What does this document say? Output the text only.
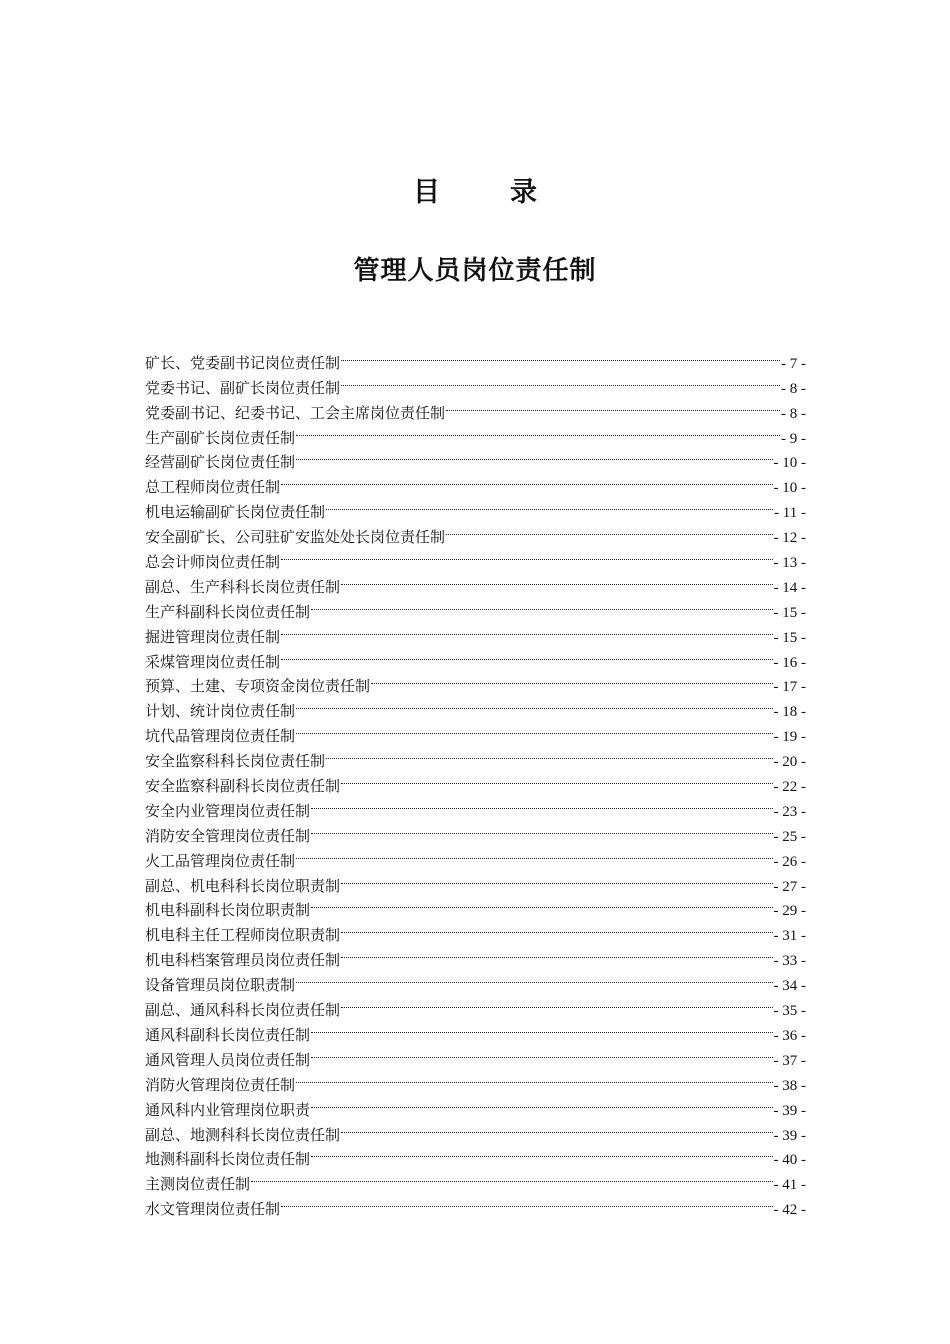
目	录
管理人员岗位责任制
矿长、党委副书记岗位责任制	- 7 -
党委书记、副矿长岗位责任制	- 8 -
党委副书记、纪委书记、工会主席岗位责任制	- 8 -
生产副矿长岗位责任制	- 9 -
经营副矿长岗位责任制	- 10 -
总工程师岗位责任制	- 10 -
机电运输副矿长岗位责任制	- 11 -
安全副矿长、公司驻矿安监处处长岗位责任制	- 12 -
总会计师岗位责任制	- 13 -
副总、生产科科长岗位责任制	- 14 -
生产科副科长岗位责任制	- 15 -
掘进管理岗位责任制	- 15 -
采煤管理岗位责任制	- 16 -
预算、土建、专项资金岗位责任制	- 17 -
计划、统计岗位责任制	- 18 -
坑代品管理岗位责任制	- 19 -
安全监察科科长岗位责任制	- 20 -
安全监察科副科长岗位责任制	- 22 -
安全内业管理岗位责任制	- 23 -
消防安全管理岗位责任制	- 25 -
火工品管理岗位责任制	- 26 -
副总、机电科科长岗位职责制	- 27 -
机电科副科长岗位职责制	- 29 -
机电科主任工程师岗位职责制	- 31 -
机电科档案管理员岗位责任制	- 33 -
设备管理员岗位职责制	- 34 -
副总、通风科科长岗位责任制	- 35 -
通风科副科长岗位责任制	- 36 -
通风管理人员岗位责任制	- 37 -
消防火管理岗位责任制	- 38 -
通风科内业管理岗位职责	- 39 -
副总、地测科科长岗位责任制	- 39 -
地测科副科长岗位责任制	- 40 -
主测岗位责任制	- 41 -
水文管理岗位责任制	- 42 -
